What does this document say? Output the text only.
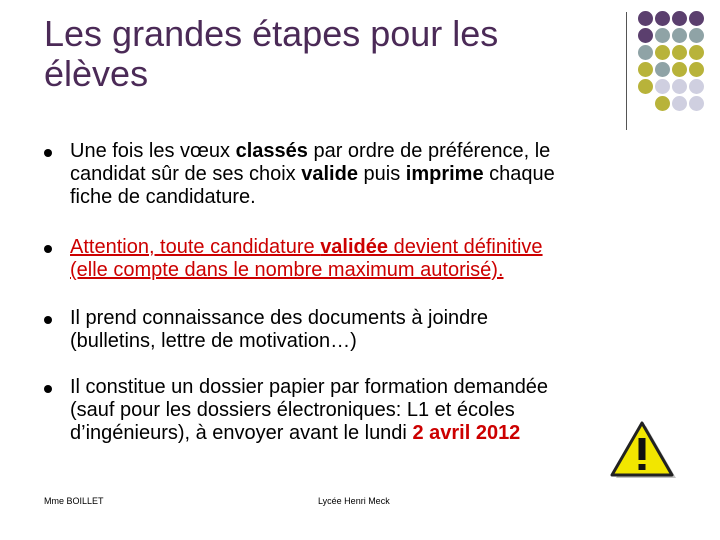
Les grandes étapes pour les
élèves
Une fois les vœux classés par ordre de préférence, le
candidat sûr de ses choix valide puis imprime chaque
fiche de candidature.
Attention, toute candidature validée devient définitive
(elle compte dans le nombre maximum autorisé).
Il prend connaissance des documents à joindre
(bulletins, lettre de motivation…)
Il constitue un dossier papier par formation demandée
(sauf pour les dossiers électroniques: L1 et écoles
d’ingénieurs), à envoyer avant le lundi 2 avril 2012
Mme BOILLET	Lycée Henri Meck
